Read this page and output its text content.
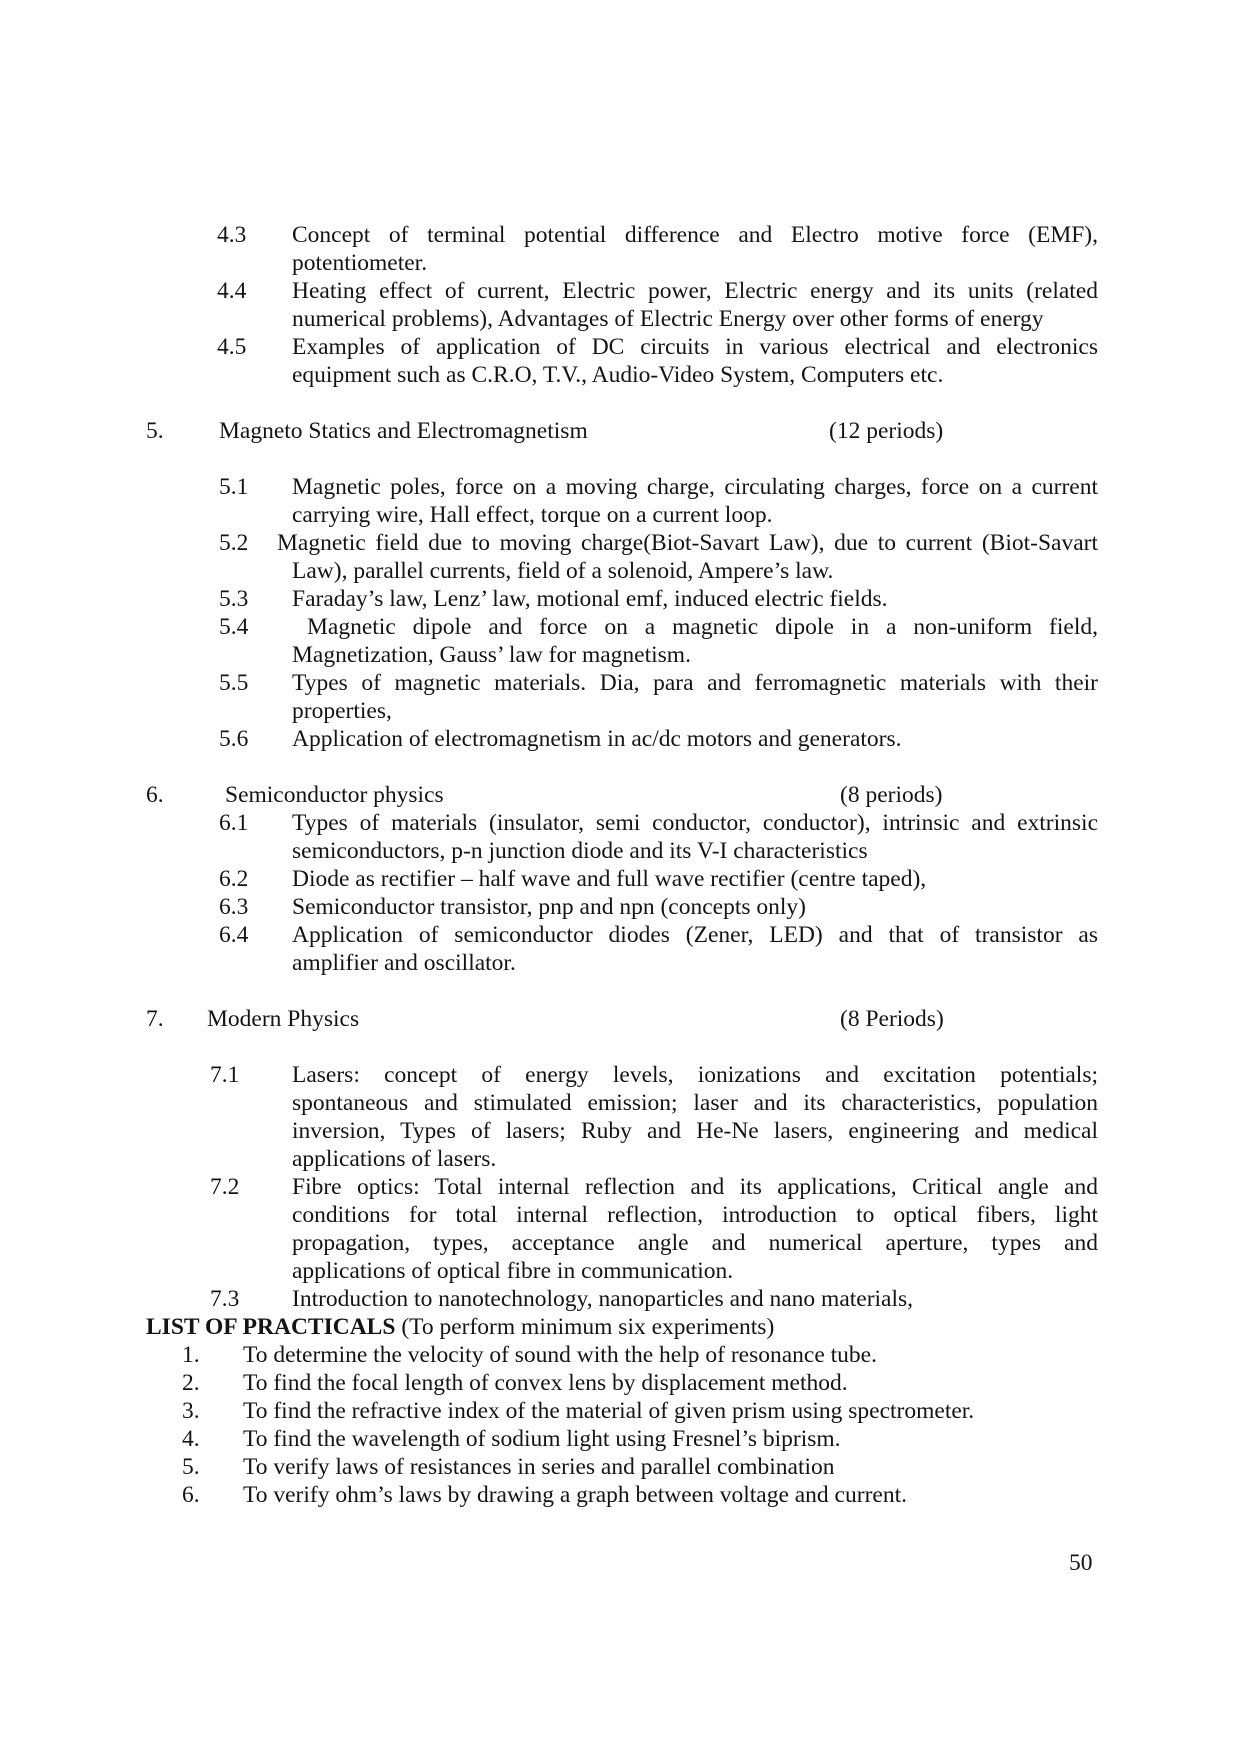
4.3 Concept of terminal potential difference and Electro motive force (EMF),
potentiometer.
4.4 Heating effect of current, Electric power, Electric energy and its units (related
numerical problems), Advantages of Electric Energy over other forms of energy
4.5 Examples of application of DC circuits in various electrical and electronics
equipment such as C.R.O, T.V., Audio-Video System, Computers etc.
5. Magneto Statics and Electromagnetism	(12 periods)
5.1 Magnetic poles, force on a moving charge, circulating charges, force on a current
carrying wire, Hall effect, torque on a current loop.
5.2 Magnetic field due to moving charge(Biot-Savart Law), due to current (Biot-Savart
Law), parallel currents, field of a solenoid, Ampere’s law.
5.3 Faraday’s law, Lenz’ law, motional emf, induced electric fields.
5.4 Magnetic dipole and force on a magnetic dipole in a non-uniform field,
Magnetization, Gauss’ law for magnetism.
5.5 Types of magnetic materials. Dia, para and ferromagnetic materials with their
properties,
5.6 Application of electromagnetism in ac/dc motors and generators.
6.	Semiconductor physics	(8 periods)
6.1 Types of materials (insulator, semi conductor, conductor), intrinsic and extrinsic
semiconductors, p-n junction diode and its V-I characteristics
6.2 Diode as rectifier – half wave and full wave rectifier (centre taped),
6.3 Semiconductor transistor, pnp and npn (concepts only)
6.4 Application of semiconductor diodes (Zener, LED) and that of transistor as
amplifier and oscillator.
7. Modern Physics	(8 Periods)
7.1 Lasers: concept of energy levels, ionizations and excitation potentials;
spontaneous and stimulated emission; laser and its characteristics, population
inversion, Types of lasers; Ruby and He-Ne lasers, engineering and medical
applications of lasers.
7.2 Fibre optics: Total internal reflection and its applications, Critical angle and
conditions for total internal reflection, introduction to optical fibers, light
propagation, types, acceptance angle and numerical aperture, types and
applications of optical fibre in communication.
7.3 Introduction to nanotechnology, nanoparticles and nano materials,
LIST OF PRACTICALS (To perform minimum six experiments)
1. To determine the velocity of sound with the help of resonance tube.
2. To find the focal length of convex lens by displacement method.
3. To find the refractive index of the material of given prism using spectrometer.
4. To find the wavelength of sodium light using Fresnel’s biprism.
5. To verify laws of resistances in series and parallel combination
6. To verify ohm’s laws by drawing a graph between voltage and current.
50
